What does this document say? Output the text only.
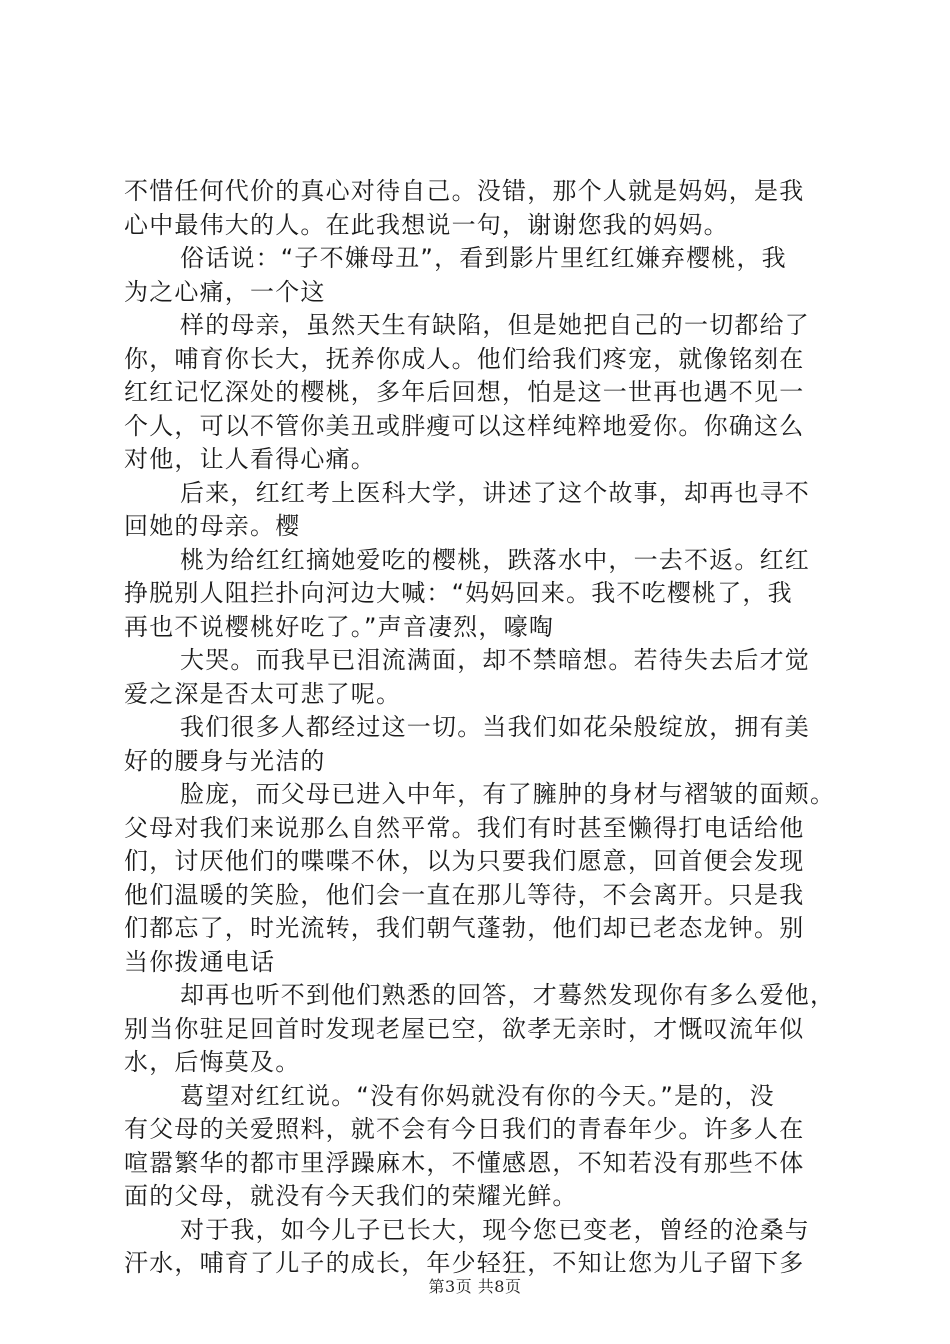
不惜任何代价的真心对待自己。没错，那个人就是妈妈，是我
心中最伟大的人。在此我想说一句，谢谢您我的妈妈。
俗话说：“子不嫌母丑”，看到影片里红红嫌弃樱桃，我
为之心痛，一个这
样的母亲，虽然天生有缺陷，但是她把自己的一切都给了
你，哺育你长大，抚养你成人。他们给我们疼宠，就像铭刻在
红红记忆深处的樱桃，多年后回想，怕是这一世再也遇不见一
个人，可以不管你美丑或胖瘦可以这样纯粹地爱你。你确这么
对他，让人看得心痛。
后来，红红考上医科大学，讲述了这个故事，却再也寻不
回她的母亲。樱
桃为给红红摘她爱吃的樱桃，跌落水中，一去不返。红红
挣脱别人阻拦扑向河边大喊：“妈妈回来。我不吃樱桃了，我
再也不说樱桃好吃了。”声音凄烈，嚎啕
大哭。而我早已泪流满面，却不禁暗想。若待失去后才觉
爱之深是否太可悲了呢。
我们很多人都经过这一切。当我们如花朵般绽放，拥有美
好的腰身与光洁的
脸庞，而父母已进入中年，有了臃肿的身材与褶皱的面颊。
父母对我们来说那么自然平常。我们有时甚至懒得打电话给他
们，讨厌他们的喋喋不休，以为只要我们愿意，回首便会发现
他们温暖的笑脸，他们会一直在那儿等待，不会离开。只是我
们都忘了，时光流转，我们朝气蓬勃，他们却已老态龙钟。别
当你拨通电话
却再也听不到他们熟悉的回答，才蓦然发现你有多么爱他，
别当你驻足回首时发现老屋已空，欲孝无亲时，才慨叹流年似
水，后悔莫及。
葛望对红红说。“没有你妈就没有你的今天。”是的，没
有父母的关爱照料，就不会有今日我们的青春年少。许多人在
喧嚣繁华的都市里浮躁麻木，不懂感恩，不知若没有那些不体
面的父母，就没有今天我们的荣耀光鲜。
对于我，如今儿子已长大，现今您已变老，曾经的沧桑与
汗水，哺育了儿子的成长，年少轻狂，不知让您为儿子留下多
第3页 共8页
